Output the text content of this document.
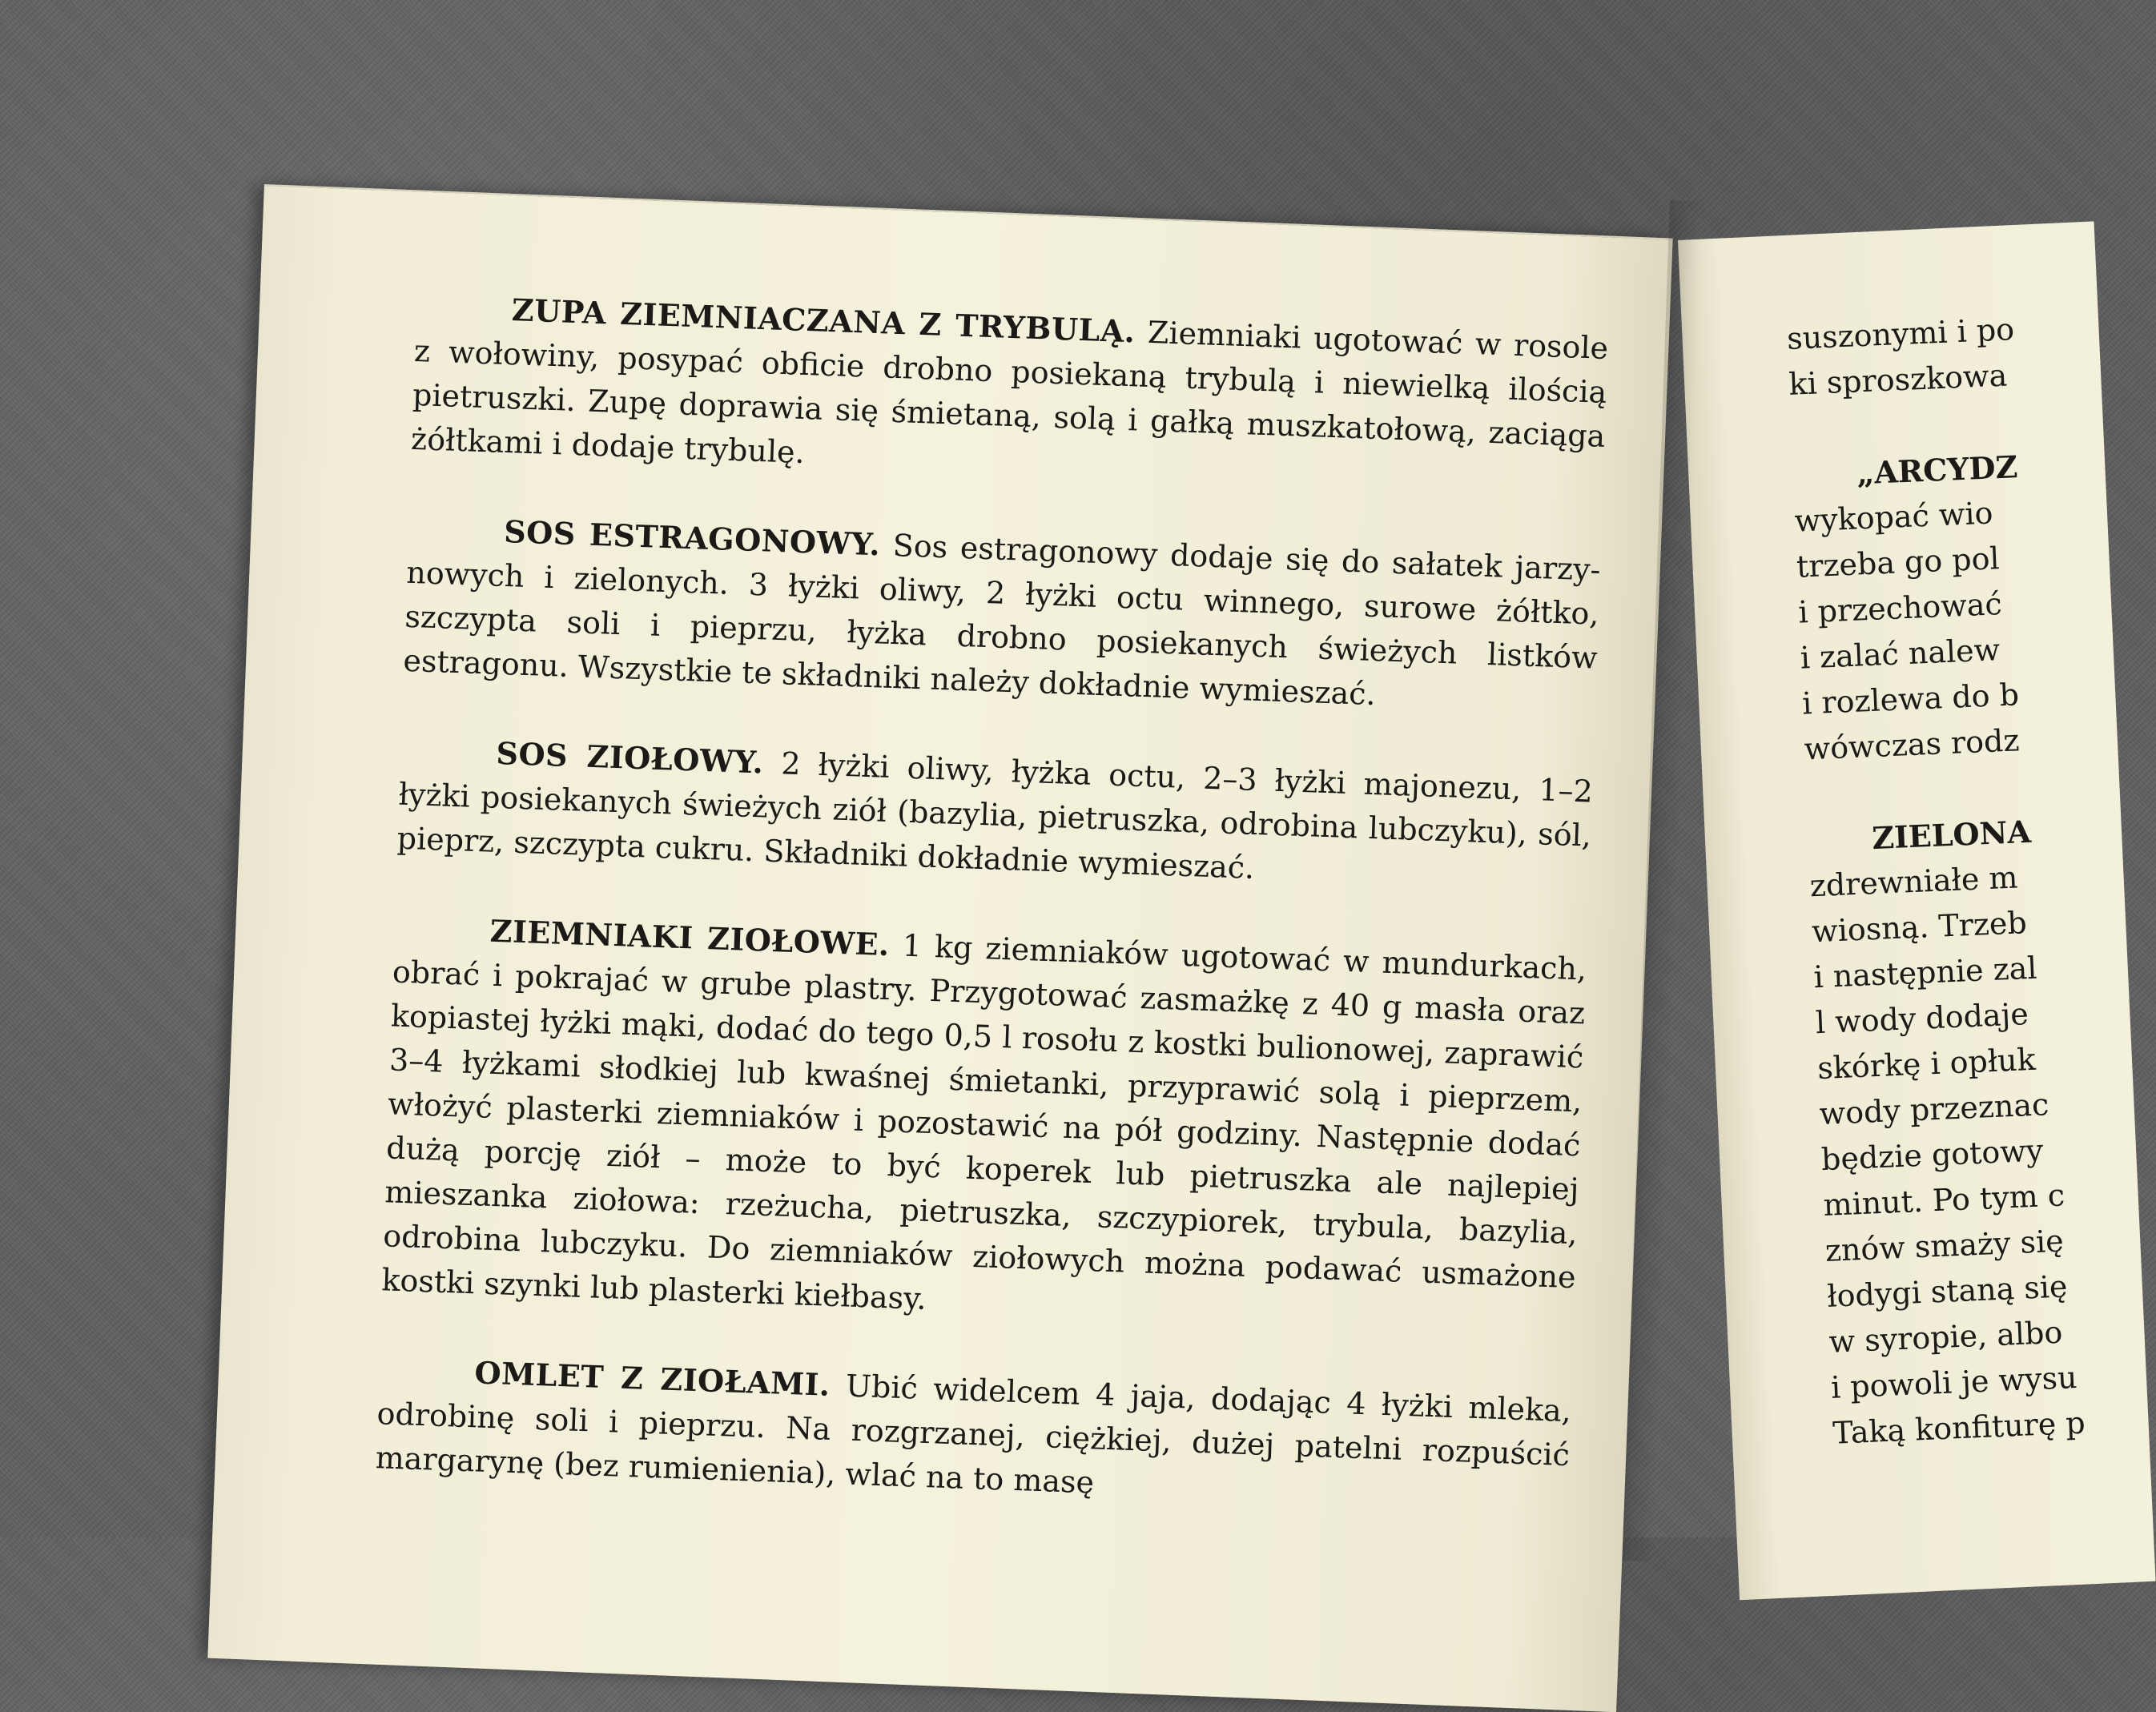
ZUPA ZIEMNIACZANA Z TRYBULĄ. Ziemniaki ugotować w rosole z wołowiny, posypać obficie drobno posiekaną trybulą i niewielką ilością pietruszki. Zupę doprawia się śmietaną, solą i gałką muszkatołową, zaciąga żółtkami i dodaje trybulę.

SOS ESTRAGONOWY. Sos estragonowy dodaje się do sałatek jarzynowych i zielonych. 3 łyżki oliwy, 2 łyżki octu winnego, surowe żółtko, szczypta soli i pieprzu, łyżka drobno posiekanych świeżych listków estragonu. Wszystkie te składniki należy dokładnie wymieszać.

SOS ZIOŁOWY. 2 łyżki oliwy, łyżka octu, 2–3 łyżki majonezu, 1–2 łyżki posiekanych świeżych ziół (bazylia, pietruszka, odrobina lubczyku), sól, pieprz, szczypta cukru. Składniki dokładnie wymieszać.

ZIEMNIAKI ZIOŁOWE. 1 kg ziemniaków ugotować w mundurkach, obrać i pokrajać w grube plastry. Przygotować zasmażkę z 40 g masła oraz kopiastej łyżki mąki, dodać do tego 0,5 l rosołu z kostki bulionowej, zaprawić 3–4 łyżkami słodkiej lub kwaśnej śmietanki, przyprawić solą i pieprzem, włożyć plasterki ziemniaków i pozostawić na pół godziny. Następnie dodać dużą porcję ziół – może to być koperek lub pietruszka ale najlepiej mieszanka ziołowa: rzeżucha, pietruszka, szczypiorek, trybula, bazylia, odrobina lubczyku. Do ziemniaków ziołowych można podawać usmażone kostki szynki lub plasterki kiełbasy.

OMLET Z ZIOŁAMI. Ubić widelcem 4 jaja, dodając 4 łyżki mleka, odrobinę soli i pieprzu. Na rozgrzanej, ciężkiej, dużej patelni rozpuścić margarynę (bez rumienienia), wlać na to masę

suszonymi i po
ki sproszkowa
„ARCYDZ
wykopać wio
trzeba go pol
i przechować
i zalać nalew
i rozlewa do b
wówczas rodz
ZIELONA
zdrewniałe m
wiosną. Trzeb
i następnie zal
l wody dodaje
skórkę i opłuk
wody przeznac
będzie gotowy
minut. Po tym c
znów smaży się
łodygi staną się
w syropie, albo
i powoli je wysu
Taką konfiturę p
